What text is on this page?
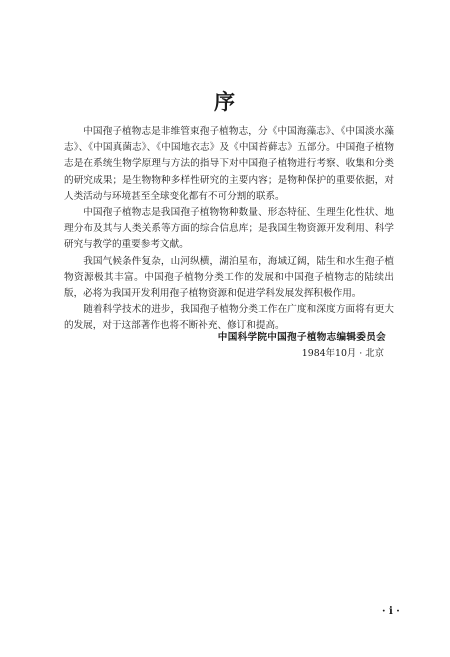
序

中国孢子植物志是非维管束孢子植物志，分《中国海藻志》、《中国淡水藻志》、《中国真菌志》、《中国地衣志》及《中国苔藓志》五部分。中国孢子植物志是在系统生物学原理与方法的指导下对中国孢子植物进行考察、收集和分类的研究成果；是生物物种多样性研究的主要内容；是物种保护的重要依据，对人类活动与环境甚至全球变化都有不可分割的联系。

中国孢子植物志是我国孢子植物物种数量、形态特征、生理生化性状、地理分布及其与人类关系等方面的综合信息库；是我国生物资源开发利用、科学研究与教学的重要参考文献。

我国气候条件复杂，山河纵横，湖泊星布，海域辽阔，陆生和水生孢子植物资源极其丰富。中国孢子植物分类工作的发展和中国孢子植物志的陆续出版，必将为我国开发利用孢子植物资源和促进学科发展发挥积极作用。

随着科学技术的进步，我国孢子植物分类工作在广度和深度方面将有更大的发展，对于这部著作也将不断补充、修订和提高。

中国科学院中国孢子植物志编辑委员会
1984年10月 · 北京
· i ·
